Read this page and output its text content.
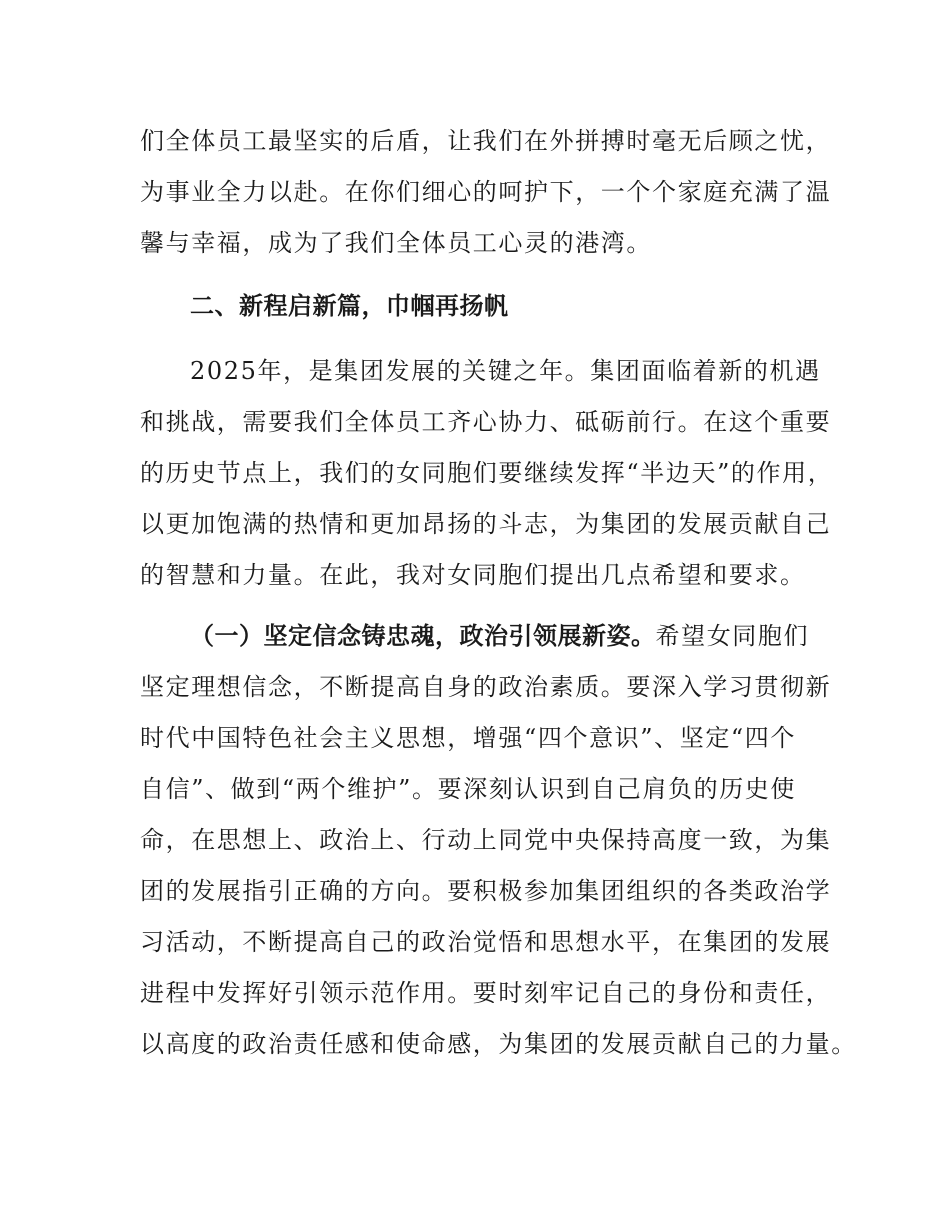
们全体员工最坚实的后盾，让我们在外拼搏时毫无后顾之忧，
为事业全力以赴。在你们细心的呵护下，一个个家庭充满了温
馨与幸福，成为了我们全体员工心灵的港湾。
二、新程启新篇，巾帼再扬帆
2025年，是集团发展的关键之年。集团面临着新的机遇
和挑战，需要我们全体员工齐心协力、砥砺前行。在这个重要
的历史节点上，我们的女同胞们要继续发挥“半边天”的作用，
以更加饱满的热情和更加昂扬的斗志，为集团的发展贡献自己
的智慧和力量。在此，我对女同胞们提出几点希望和要求。
（一）坚定信念铸忠魂，政治引领展新姿。希望女同胞们
坚定理想信念，不断提高自身的政治素质。要深入学习贯彻新
时代中国特色社会主义思想，增强“四个意识”、坚定“四个
自信”、做到“两个维护”。要深刻认识到自己肩负的历史使
命，在思想上、政治上、行动上同党中央保持高度一致，为集
团的发展指引正确的方向。要积极参加集团组织的各类政治学
习活动，不断提高自己的政治觉悟和思想水平，在集团的发展
进程中发挥好引领示范作用。要时刻牢记自己的身份和责任，
以高度的政治责任感和使命感，为集团的发展贡献自己的力量。
